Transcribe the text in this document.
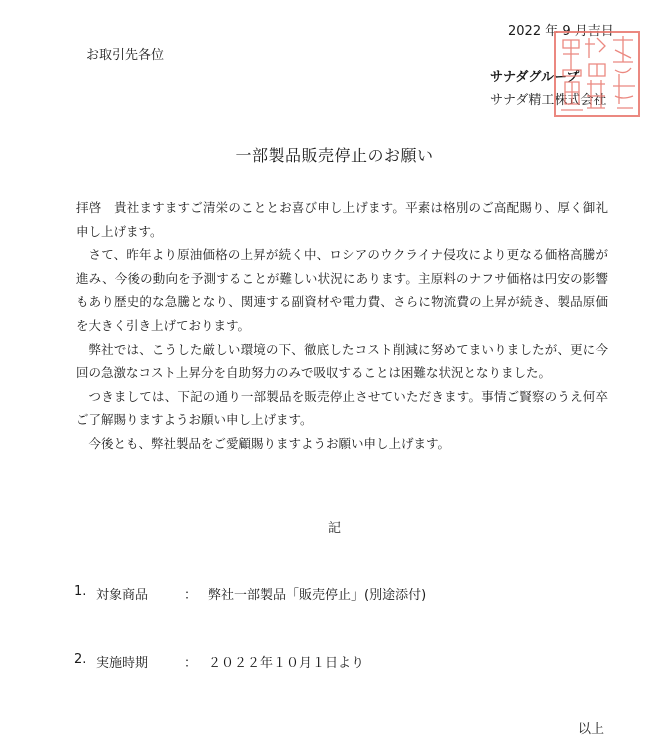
2022 年 9 月吉日
お取引先各位
サナダグループ
サナダ精工株式会社
一部製品販売停止のお願い

拝啓　貴社ますますご清栄のこととお喜び申し上げます。平素は格別のご高配賜り、厚く御礼申し上げます。

さて、昨年より原油価格の上昇が続く中、ロシアのウクライナ侵攻により更なる価格高騰が進み、今後の動向を予測することが難しい状況にあります。主原料のナフサ価格は円安の影響もあり歴史的な急騰となり、関連する副資材や電力費、さらに物流費の上昇が続き、製品原価を大きく引き上げております。

弊社では、こうした厳しい環境の下、徹底したコスト削減に努めてまいりましたが、更に今回の急激なコスト上昇分を自助努力のみで吸収することは困難な状況となりました。

つきましては、下記の通り一部製品を販売停止させていただきます。事情ご賢察のうえ何卒ご了解賜りますようお願い申し上げます。

今後とも、弊社製品をご愛顧賜りますようお願い申し上げます。

記
1. 対象商品	： 弊社一部製品「販売停止」(別途添付)
2. 実施時期	： ２０２２年１０月１日より
以上
